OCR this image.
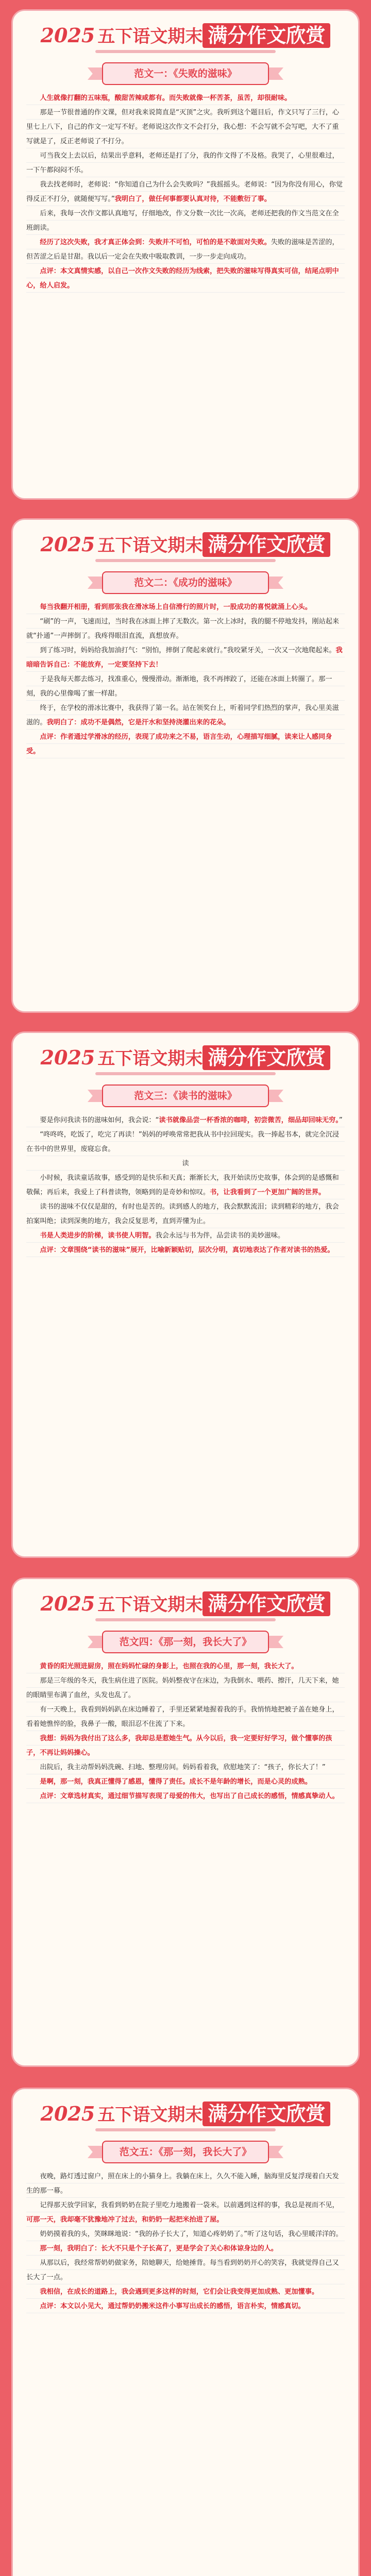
2025 五下语文期末 满分作文欣赏
范文一：《失败的滋味》

人生就像打翻的五味瓶，酸甜苦辣咸都有。而失败就像一杯苦茶，虽苦，却很耐味。

那是一节很普通的作文课，但对我来说简直是“灭顶”之灾。我听到这个题目后，作文只写了三行，心里七上八下，自己的作文一定写不好。老师说这次作文不会打分，我心想：不会写就不会写吧，大不了重写就是了，反正老师说了不打分。

可当我交上去以后，结果出乎意料，老师还是打了分，我的作文得了不及格。我哭了，心里很难过，一下午都闷闷不乐。

我去找老师时，老师说：“你知道自己为什么会失败吗？”我摇摇头。老师说：“因为你没有用心，你觉得反正不打分，就随便写写。”我明白了，做任何事都要认真对待，不能敷衍了事。

后来，我每一次作文都认真地写，仔细地改，作文分数一次比一次高，老师还把我的作文当范文在全班朗读。

经历了这次失败，我才真正体会到：失败并不可怕，可怕的是不敢面对失败。失败的滋味是苦涩的，但苦涩之后是甘甜。我以后一定会在失败中吸取教训，一步一步走向成功。

点评：本文真情实感，以自己一次作文失败的经历为线索，把失败的滋味写得真实可信，结尾点明中心，给人启发。

2025 五下语文期末 满分作文欣赏
范文二：《成功的滋味》

每当我翻开相册，看到那张我在滑冰场上自信滑行的照片时，一股成功的喜悦就涌上心头。

“刷”的一声，飞速而过，当时我在冰面上摔了无数次。第一次上冰时，我的腿不停地发抖，刚站起来就“扑通”一声摔倒了。我疼得眼泪直流，真想放弃。

到了练习时，妈妈给我加油打气：“别怕，摔倒了爬起来就行。”我咬紧牙关，一次又一次地爬起来。我暗暗告诉自己：不能放弃，一定要坚持下去！

于是我每天都去练习，找准重心，慢慢滑动。渐渐地，我不再摔跤了，还能在冰面上转圈了。那一刻，我的心里像喝了蜜一样甜。

终于，在学校的滑冰比赛中，我获得了第一名。站在领奖台上，听着同学们热烈的掌声，我心里美滋滋的。我明白了：成功不是偶然，它是汗水和坚持浇灌出来的花朵。

点评：作者通过学滑冰的经历，表现了成功来之不易，语言生动，心理描写细腻，读来让人感同身受。

2025 五下语文期末 满分作文欣赏
范文三：《读书的滋味》

要是你问我读书的滋味如何，我会说：“读书就像品尝一杯香浓的咖啡，初尝微苦，细品却回味无穷。”

“咚咚咚，吃饭了，吃完了再读！”妈妈的呼唤常常把我从书中拉回现实。我一捧起书本，就完全沉浸在书中的世界里，废寝忘食。

读

小时候，我读童话故事，感受到的是快乐和天真；渐渐长大，我开始读历史故事，体会到的是感慨和敬佩；再后来，我爱上了科普读物，领略到的是奇妙和惊叹。书，让我看到了一个更加广阔的世界。

读书的滋味不仅仅是甜的，有时也是苦的。读到感人的地方，我会默默流泪；读到精彩的地方，我会拍案叫绝；读到深奥的地方，我会反复思考，直到弄懂为止。

书是人类进步的阶梯，读书使人明智。我会永远与书为伴，品尝读书的美妙滋味。

点评：文章围绕“读书的滋味”展开，比喻新颖贴切，层次分明，真切地表达了作者对读书的热爱。

2025 五下语文期末 满分作文欣赏
范文四：《那一刻，我长大了》

黄昏的阳光照进厨房，照在妈妈忙碌的身影上，也照在我的心里，那一刻，我长大了。

那是三年级的冬天，我生病住进了医院。妈妈整夜守在床边，为我倒水、喂药、擦汗，几天下来，她的眼睛里布满了血丝，头发也乱了。

有一天晚上，我看到妈妈趴在床边睡着了，手里还紧紧地握着我的手。我悄悄地把被子盖在她身上，看着她憔悴的脸，我鼻子一酸，眼泪忍不住流了下来。

我想：妈妈为我付出了这么多，我却总是惹她生气。从今以后，我一定要好好学习，做个懂事的孩子，不再让妈妈操心。

出院后，我主动帮妈妈洗碗、扫地、整理房间。妈妈看着我，欣慰地笑了：“孩子，你长大了！”

是啊，那一刻，我真正懂得了感恩，懂得了责任。成长不是年龄的增长，而是心灵的成熟。

点评：文章选材真实，通过细节描写表现了母爱的伟大，也写出了自己成长的感悟，情感真挚动人。

2025 五下语文期末 满分作文欣赏
范文五：《那一刻，我长大了》

夜晚，路灯透过窗户，照在床上的小猫身上。我躺在床上，久久不能入睡，脑海里反复浮现着白天发生的那一幕。

记得那天放学回家，我看到奶奶在院子里吃力地搬着一袋米。以前遇到这样的事，我总是视而不见，可那一天，我却毫不犹豫地冲了过去，和奶奶一起把米抬进了屋。

奶奶摸着我的头，笑眯眯地说：“我的孙子长大了，知道心疼奶奶了。”听了这句话，我心里暖洋洋的。

那一刻，我明白了：长大不只是个子长高了，更是学会了关心和体谅身边的人。

从那以后，我经常帮奶奶做家务，陪她聊天，给她捶背。每当看到奶奶开心的笑容，我就觉得自己又长大了一点。

我相信，在成长的道路上，我会遇到更多这样的时刻，它们会让我变得更加成熟、更加懂事。

点评：本文以小见大，通过帮奶奶搬米这件小事写出成长的感悟，语言朴实，情感真切。
